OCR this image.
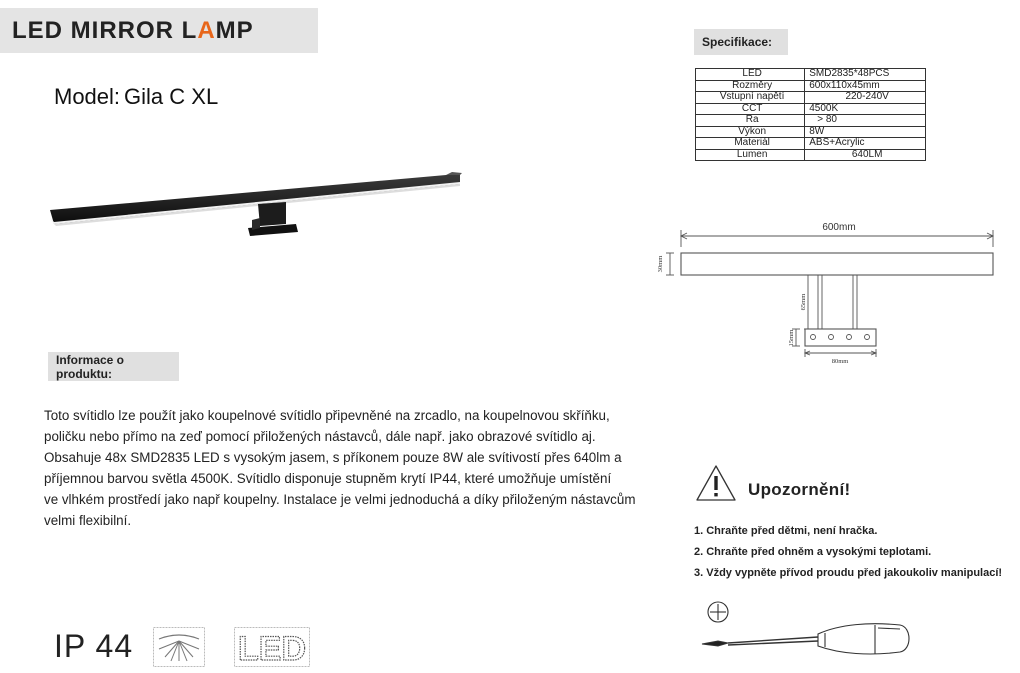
LED MIRROR LAMP
Model: Gila C XL
Informace o produktu:
Toto svítidlo lze použít jako koupelnové svítidlo připevněné na zrcadlo, na koupelnovou skříňku,
poličku nebo přímo na zeď pomocí přiložených nástavců, dále např. jako obrazové svítidlo aj.
Obsahuje 48x SMD2835 LED s vysokým jasem, s příkonem pouze 8W ale svítivostí přes 640lm a
příjemnou barvou světla 4500K. Svítidlo disponuje stupněm krytí IP44, které umožňuje umístění
ve vlhkém prostředí jako např koupelny. Instalace je velmi jednoduchá a díky přiloženým nástavcům
velmi flexibilní.
IP 44	LED
Specifikace:
LED	SMD2835*48PCS
Rozměry	600x110x45mm
Vstupní napětí	220-240V
CCT	4500K
Ra	> 80
Výkon	8W
Materiál	ABS+Acrylic
Lumen	640LM
600mm
30mm
65mm
15mm
80mm
Upozornění!
1. Chraňte před dětmi, není hračka.
2. Chraňte před ohněm a vysokými teplotami.
3. Vždy vypněte přívod proudu před jakoukoliv manipulací!
